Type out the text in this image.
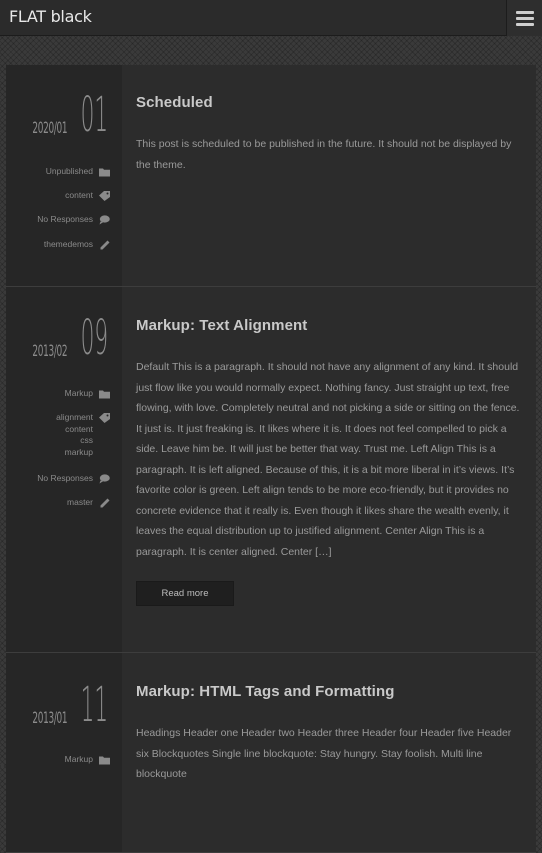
FLAT black
2020/01 01
Unpublished
content
No Responses
themedemos
Scheduled
This post is scheduled to be published in the future. It should not be displayed by the theme.
2013/02 09
Markup
alignment
content
css
markup
No Responses
master
Markup: Text Alignment
Default This is a paragraph. It should not have any alignment of any kind. It should just flow like you would normally expect. Nothing fancy. Just straight up text, free flowing, with love. Completely neutral and not picking a side or sitting on the fence. It just is. It just freaking is. It likes where it is. It does not feel compelled to pick a side. Leave him be. It will just be better that way. Trust me. Left Align This is a paragraph. It is left aligned. Because of this, it is a bit more liberal in it’s views. It’s favorite color is green. Left align tends to be more eco-friendly, but it provides no concrete evidence that it really is. Even though it likes share the wealth evenly, it leaves the equal distribution up to justified alignment. Center Align This is a paragraph. It is center aligned. Center […]
Read more
2013/01 11
Markup
Markup: HTML Tags and Formatting
Headings Header one Header two Header three Header four Header five Header six Blockquotes Single line blockquote: Stay hungry. Stay foolish. Multi line blockquote
